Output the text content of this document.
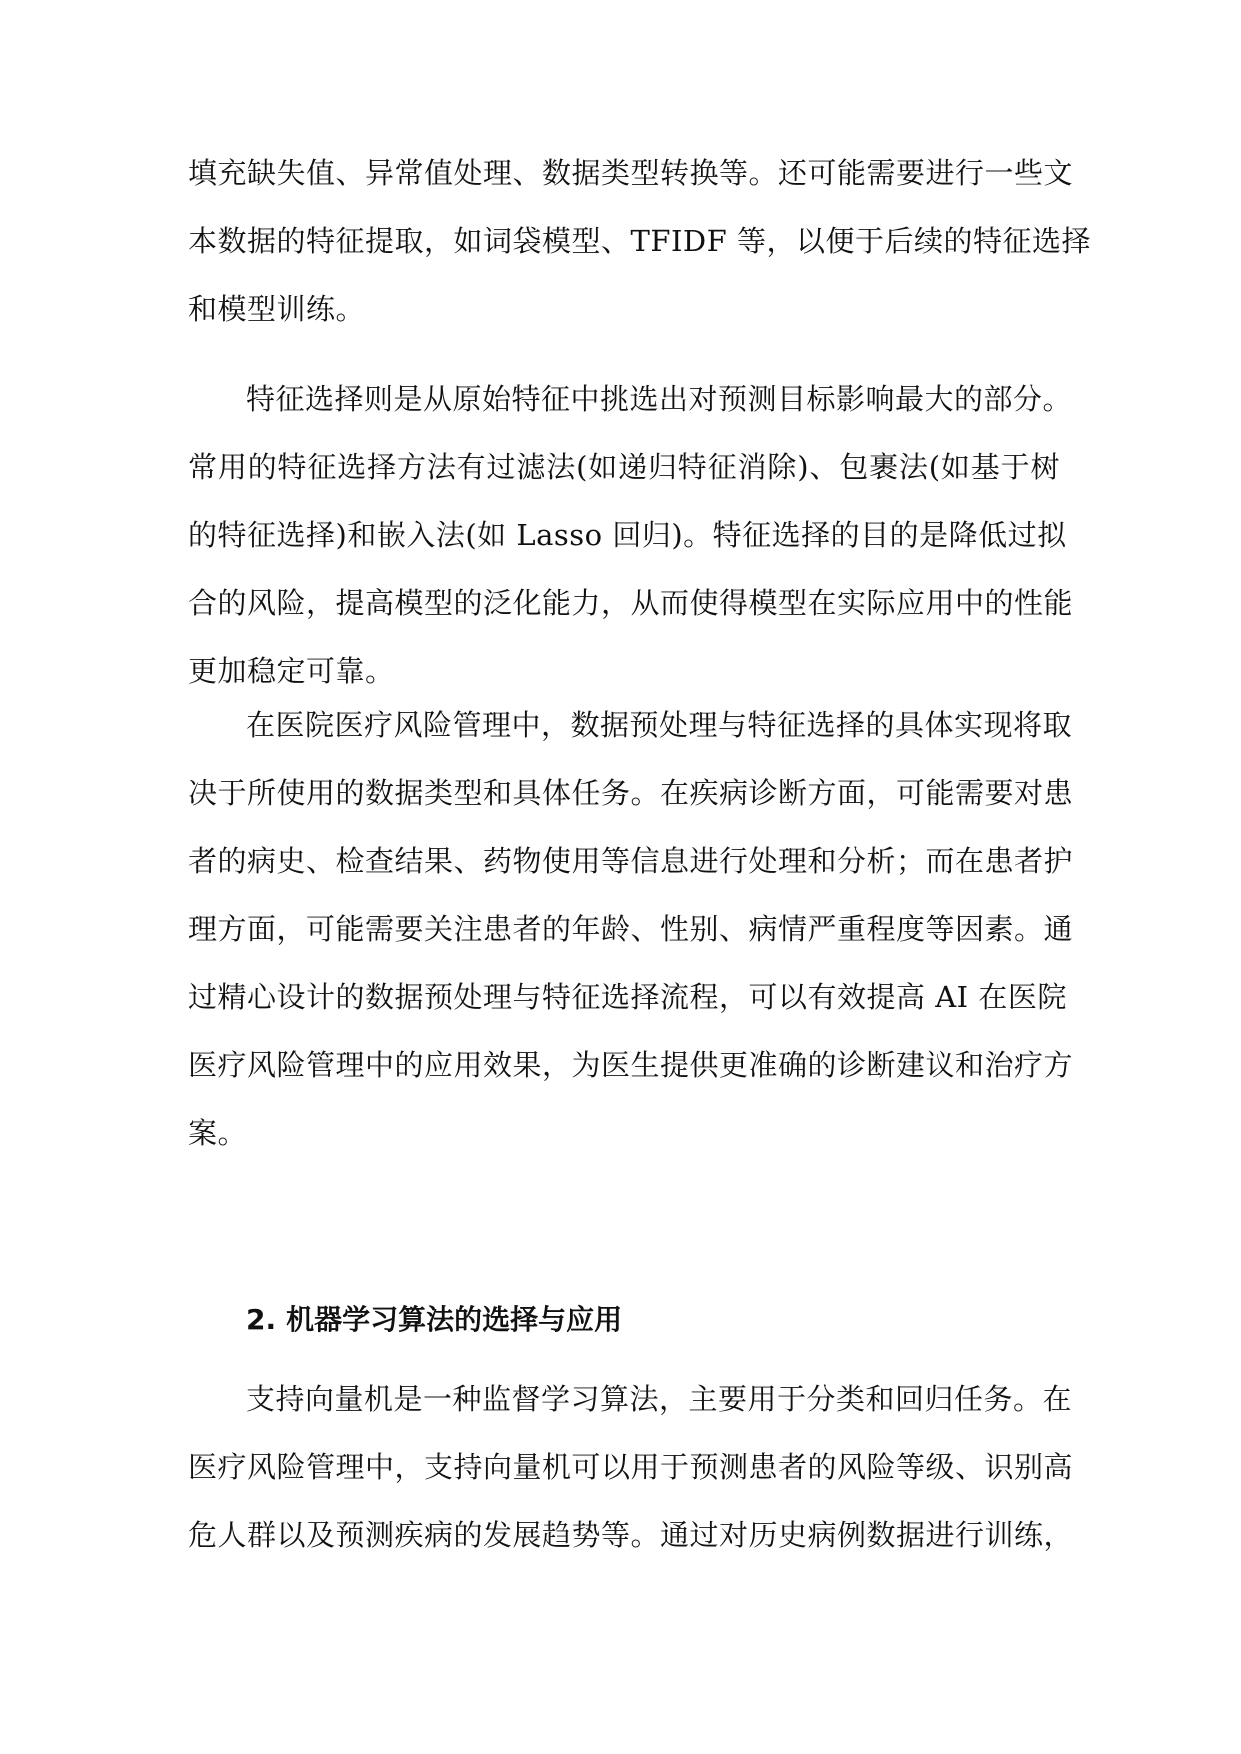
填充缺失值、异常值处理、数据类型转换等。还可能需要进行一些文
本数据的特征提取，如词袋模型、TFIDF 等，以便于后续的特征选择
和模型训练。
特征选择则是从原始特征中挑选出对预测目标影响最大的部分。
常用的特征选择方法有过滤法(如递归特征消除)、包裹法(如基于树
的特征选择)和嵌入法(如 Lasso 回归)。特征选择的目的是降低过拟
合的风险，提高模型的泛化能力，从而使得模型在实际应用中的性能
更加稳定可靠。
在医院医疗风险管理中，数据预处理与特征选择的具体实现将取
决于所使用的数据类型和具体任务。在疾病诊断方面，可能需要对患
者的病史、检查结果、药物使用等信息进行处理和分析；而在患者护
理方面，可能需要关注患者的年龄、性别、病情严重程度等因素。通
过精心设计的数据预处理与特征选择流程，可以有效提高 AI 在医院
医疗风险管理中的应用效果，为医生提供更准确的诊断建议和治疗方
案。
2. 机器学习算法的选择与应用
支持向量机是一种监督学习算法，主要用于分类和回归任务。在
医疗风险管理中，支持向量机可以用于预测患者的风险等级、识别高
危人群以及预测疾病的发展趋势等。通过对历史病例数据进行训练，
